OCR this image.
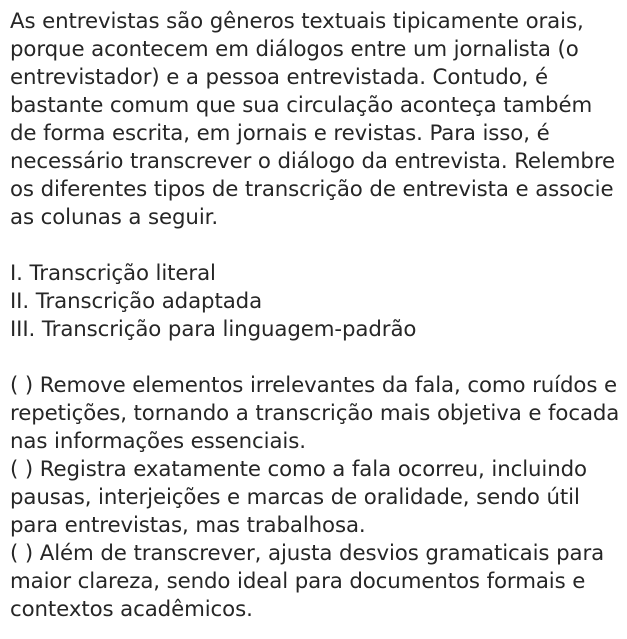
As entrevistas são gêneros textuais tipicamente orais, porque acontecem em diálogos entre um jornalista (o entrevistador) e a pessoa entrevistada. Contudo, é bastante comum que sua circulação aconteça também de forma escrita, em jornais e revistas. Para isso, é necessário transcrever o diálogo da entrevista. Relembre os diferentes tipos de transcrição de entrevista e associe as colunas a seguir.
I. Transcrição literal
II. Transcrição adaptada
III. Transcrição para linguagem-padrão
( ) Remove elementos irrelevantes da fala, como ruídos e repetições, tornando a transcrição mais objetiva e focada nas informações essenciais.
( ) Registra exatamente como a fala ocorreu, incluindo pausas, interjeições e marcas de oralidade, sendo útil para entrevistas, mas trabalhosa.
( ) Além de transcrever, ajusta desvios gramaticais para maior clareza, sendo ideal para documentos formais e contextos acadêmicos.
